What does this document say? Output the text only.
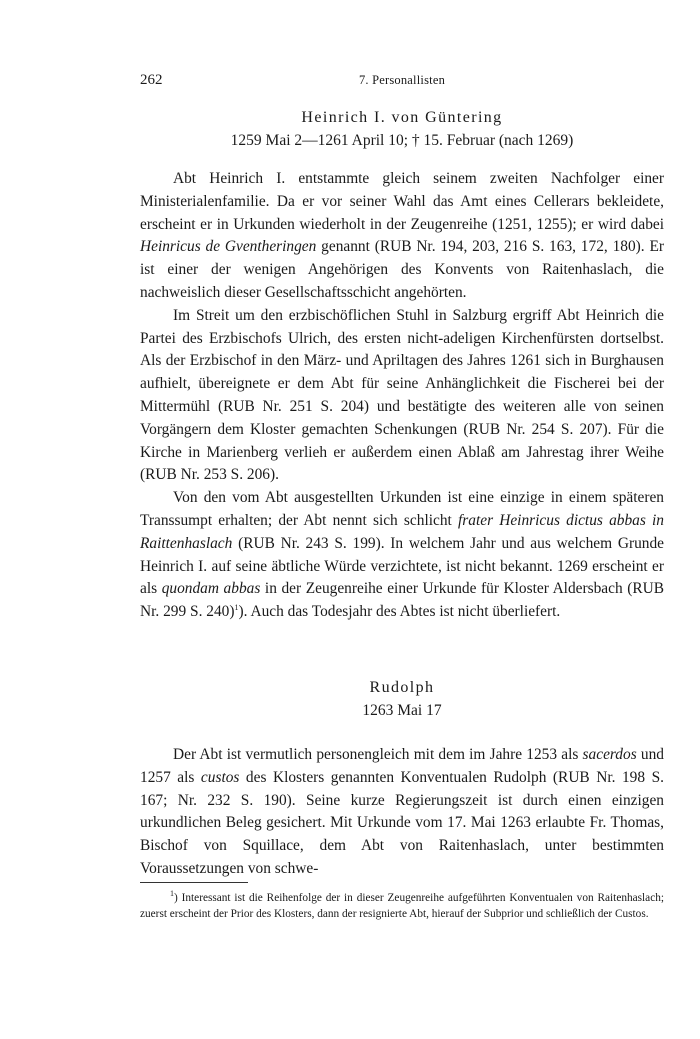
262	7. Personallisten
Heinrich I. von Güntering
1259 Mai 2—1261 April 10; † 15. Februar (nach 1269)

Abt Heinrich I. entstammte gleich seinem zweiten Nachfolger einer Ministerialenfamilie. Da er vor seiner Wahl das Amt eines Cellerars bekleidete, erscheint er in Urkunden wiederholt in der Zeugenreihe (1251, 1255); er wird dabei Heinricus de Gventheringen genannt (RUB Nr. 194, 203, 216 S. 163, 172, 180). Er ist einer der wenigen Angehörigen des Konvents von Raitenhaslach, die nachweislich dieser Gesellschaftsschicht angehörten.

Im Streit um den erzbischöflichen Stuhl in Salzburg ergriff Abt Heinrich die Partei des Erzbischofs Ulrich, des ersten nicht-adeligen Kirchenfürsten dortselbst. Als der Erzbischof in den März- und Apriltagen des Jahres 1261 sich in Burghausen aufhielt, übereignete er dem Abt für seine Anhänglichkeit die Fischerei bei der Mittermühl (RUB Nr. 251 S. 204) und bestätigte des weiteren alle von seinen Vorgängern dem Kloster gemachten Schenkungen (RUB Nr. 254 S. 207). Für die Kirche in Marienberg verlieh er außerdem einen Ablaß am Jahrestag ihrer Weihe (RUB Nr. 253 S. 206).

Von den vom Abt ausgestellten Urkunden ist eine einzige in einem späteren Transsumpt erhalten; der Abt nennt sich schlicht frater Heinricus dictus abbas in Raittenhaslach (RUB Nr. 243 S. 199). In welchem Jahr und aus welchem Grunde Heinrich I. auf seine äbtliche Würde verzichtete, ist nicht bekannt. 1269 erscheint er als quondam abbas in der Zeugenreihe einer Urkunde für Kloster Aldersbach (RUB Nr. 299 S. 240)$^1$). Auch das Todesjahr des Abtes ist nicht überliefert.

Rudolph
1263 Mai 17

Der Abt ist vermutlich personengleich mit dem im Jahre 1253 als sacerdos und 1257 als custos des Klosters genannten Konventualen Rudolph (RUB Nr. 198 S. 167; Nr. 232 S. 190). Seine kurze Regierungszeit ist durch einen einzigen urkundlichen Beleg gesichert. Mit Urkunde vom 17. Mai 1263 erlaubte Fr. Thomas, Bischof von Squillace, dem Abt von Raitenhaslach, unter bestimmten Voraussetzungen von schwe-

$^1$) Interessant ist die Reihenfolge der in dieser Zeugenreihe aufgeführten Konventualen von Raitenhaslach; zuerst erscheint der Prior des Klosters, dann der resignierte Abt, hierauf der Subprior und schließlich der Custos.
